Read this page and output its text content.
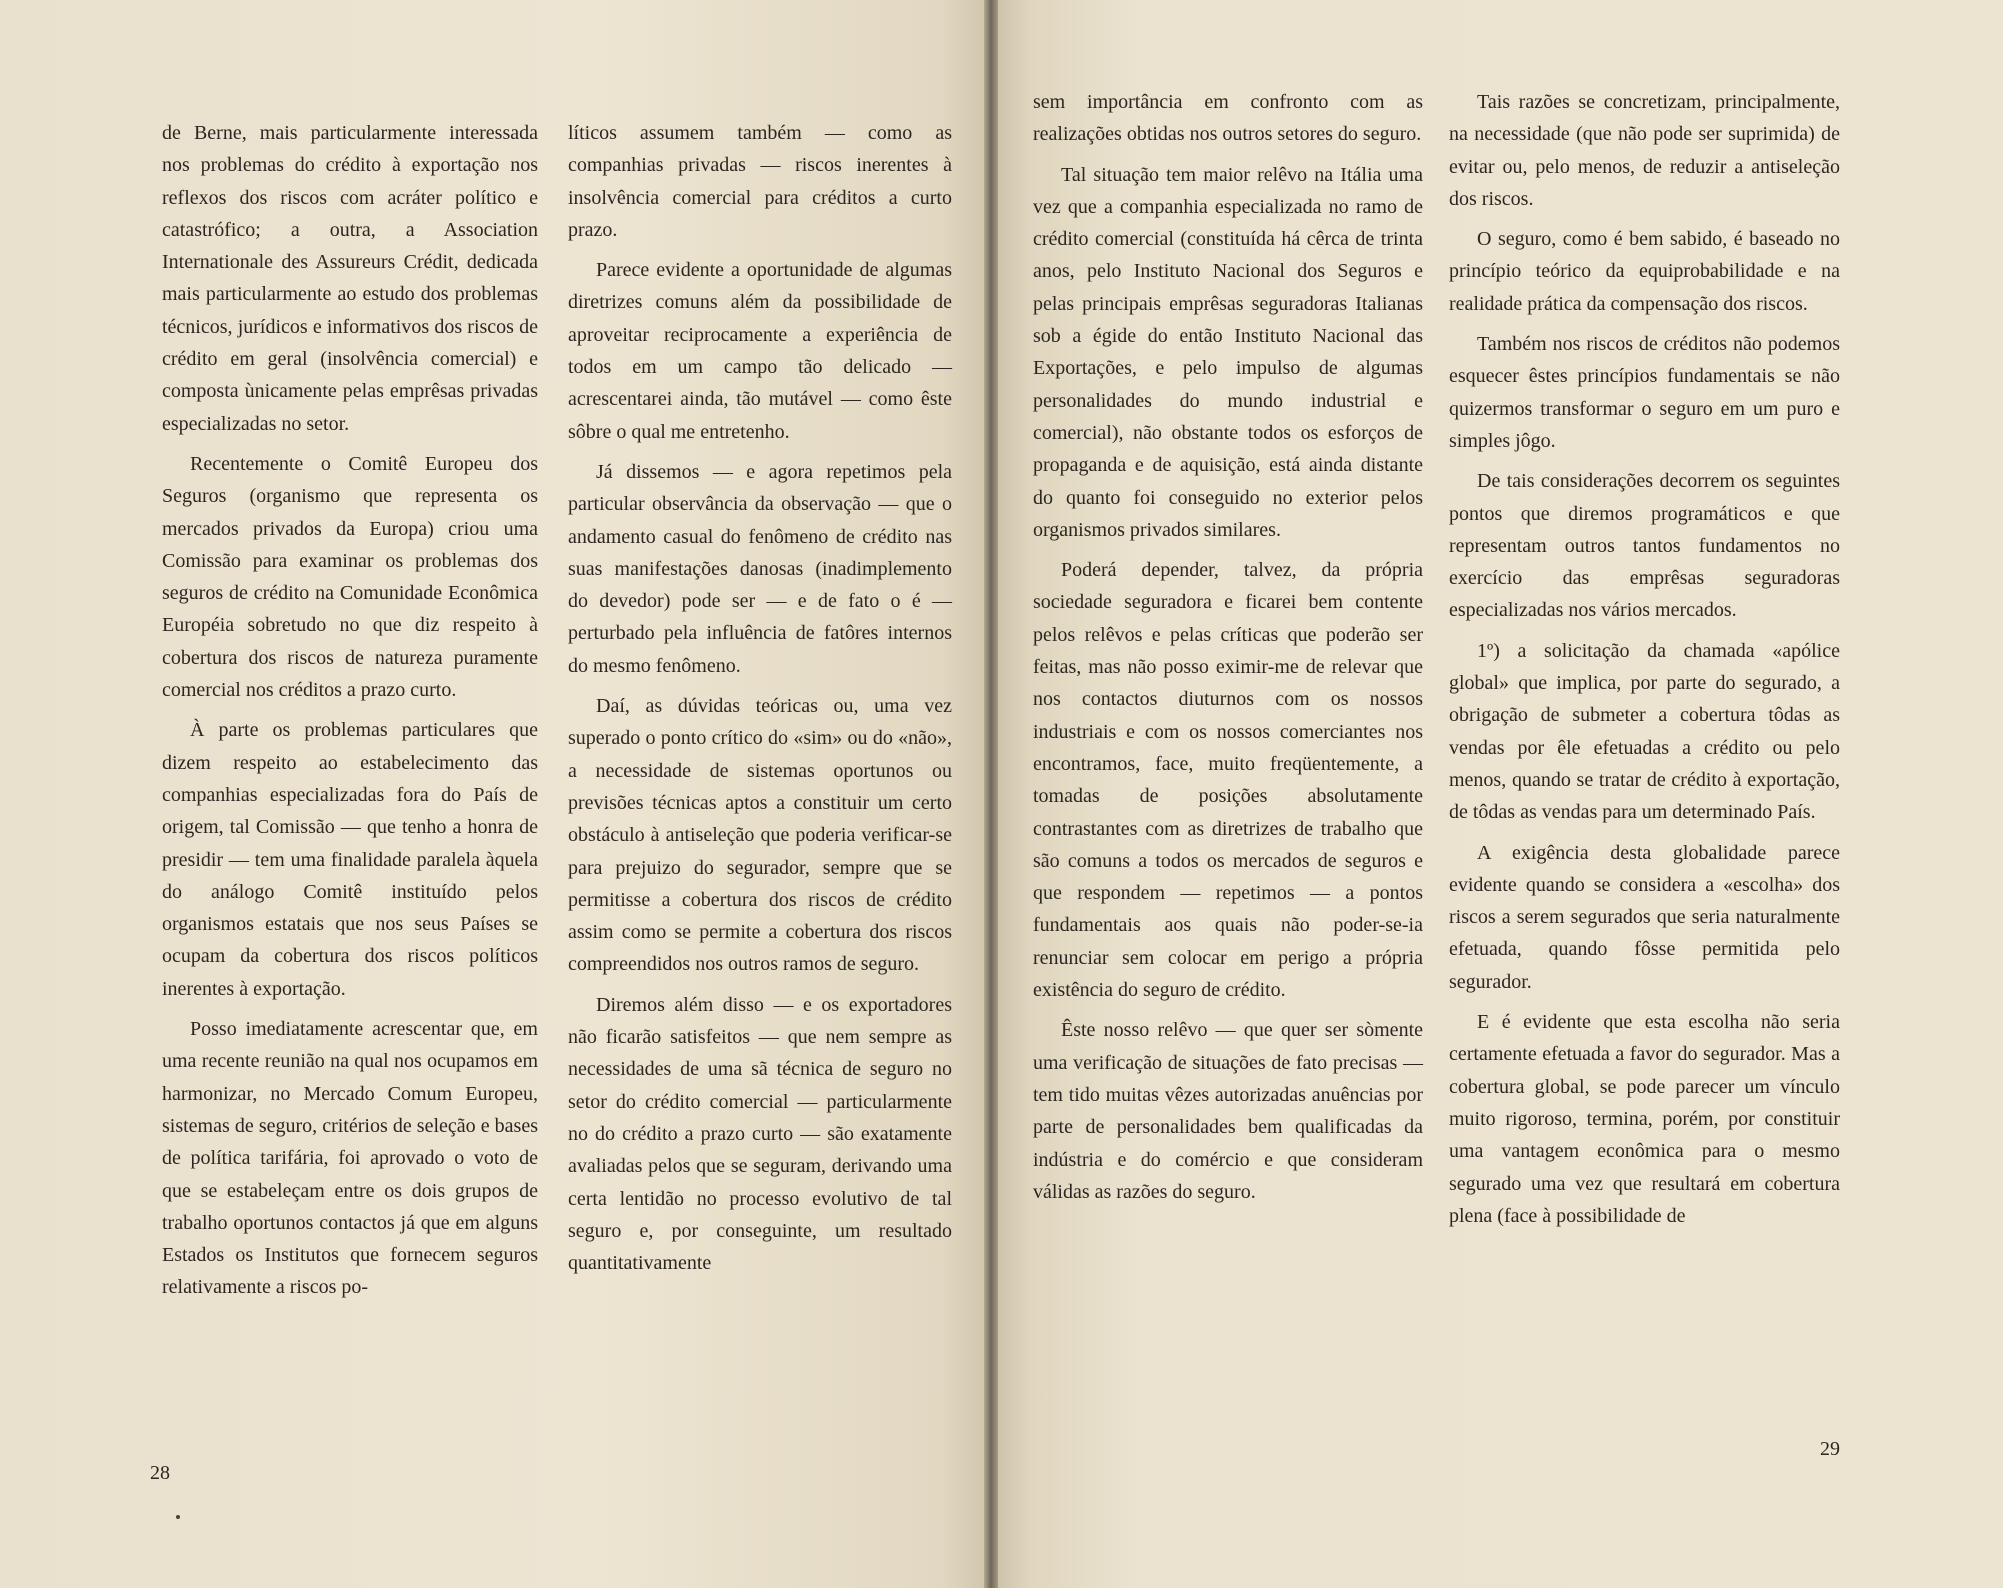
de Berne, mais particularmente interessada nos problemas do crédito à exportação nos reflexos dos riscos com acráter político e catastrófico; a outra, a Association Internationale des Assureurs Crédit, dedicada mais particularmente ao estudo dos problemas técnicos, jurídicos e informativos dos riscos de crédito em geral (insolvência comercial) e composta ùnicamente pelas emprêsas privadas especializadas no setor.

Recentemente o Comitê Europeu dos Seguros (organismo que representa os mercados privados da Europa) criou uma Comissão para examinar os problemas dos seguros de crédito na Comunidade Econômica Européia sobretudo no que diz respeito à cobertura dos riscos de natureza puramente comercial nos créditos a prazo curto.

À parte os problemas particulares que dizem respeito ao estabelecimento das companhias especializadas fora do País de origem, tal Comissão — que tenho a honra de presidir — tem uma finalidade paralela àquela do análogo Comitê instituído pelos organismos estatais que nos seus Países se ocupam da cobertura dos riscos políticos inerentes à exportação.

Posso imediatamente acrescentar que, em uma recente reunião na qual nos ocupamos em harmonizar, no Mercado Comum Europeu, sistemas de seguro, critérios de seleção e bases de política tarifária, foi aprovado o voto de que se estabeleçam entre os dois grupos de trabalho oportunos contactos já que em alguns Estados os Institutos que fornecem seguros relativamente a riscos po-

líticos assumem também — como as companhias privadas — riscos inerentes à insolvência comercial para créditos a curto prazo.

Parece evidente a oportunidade de algumas diretrizes comuns além da possibilidade de aproveitar reciprocamente a experiência de todos em um campo tão delicado — acrescentarei ainda, tão mutável — como êste sôbre o qual me entretenho.

Já dissemos — e agora repetimos pela particular observância da observação — que o andamento casual do fenômeno de crédito nas suas manifestações danosas (inadimplemento do devedor) pode ser — e de fato o é — perturbado pela influência de fatôres internos do mesmo fenômeno.

Daí, as dúvidas teóricas ou, uma vez superado o ponto crítico do «sim» ou do «não», a necessidade de sistemas oportunos ou previsões técnicas aptos a constituir um certo obstáculo à antiseleção que poderia verificar-se para prejuizo do segurador, sempre que se permitisse a cobertura dos riscos de crédito assim como se permite a cobertura dos riscos compreendidos nos outros ramos de seguro.

Diremos além disso — e os exportadores não ficarão satisfeitos — que nem sempre as necessidades de uma sã técnica de seguro no setor do crédito comercial — particularmente no do crédito a prazo curto — são exatamente avaliadas pelos que se seguram, derivando uma certa lentidão no processo evolutivo de tal seguro e, por conseguinte, um resultado quantitativamente

28

sem importância em confronto com as realizações obtidas nos outros setores do seguro.

Tal situação tem maior relêvo na Itália uma vez que a companhia especializada no ramo de crédito comercial (constituída há cêrca de trinta anos, pelo Instituto Nacional dos Seguros e pelas principais emprêsas seguradoras Italianas sob a égide do então Instituto Nacional das Exportações, e pelo impulso de algumas personalidades do mundo industrial e comercial), não obstante todos os esforços de propaganda e de aquisição, está ainda distante do quanto foi conseguido no exterior pelos organismos privados similares.

Poderá depender, talvez, da própria sociedade seguradora e ficarei bem contente pelos relêvos e pelas críticas que poderão ser feitas, mas não posso eximir-me de relevar que nos contactos diuturnos com os nossos industriais e com os nossos comerciantes nos encontramos, face, muito freqüentemente, a tomadas de posições absolutamente contrastantes com as diretrizes de trabalho que são comuns a todos os mercados de seguros e que respondem — repetimos — a pontos fundamentais aos quais não poder-se-ia renunciar sem colocar em perigo a própria existência do seguro de crédito.

Êste nosso relêvo — que quer ser sòmente uma verificação de situações de fato precisas — tem tido muitas vêzes autorizadas anuências por parte de personalidades bem qualificadas da indústria e do comércio e que consideram válidas as razões do seguro.

Tais razões se concretizam, principalmente, na necessidade (que não pode ser suprimida) de evitar ou, pelo menos, de reduzir a antiseleção dos riscos.

O seguro, como é bem sabido, é baseado no princípio teórico da equiprobabilidade e na realidade prática da compensação dos riscos.

Também nos riscos de créditos não podemos esquecer êstes princípios fundamentais se não quizermos transformar o seguro em um puro e simples jôgo.

De tais considerações decorrem os seguintes pontos que diremos programáticos e que representam outros tantos fundamentos no exercício das emprêsas seguradoras especializadas nos vários mercados.

1º) a solicitação da chamada «apólice global» que implica, por parte do segurado, a obrigação de submeter a cobertura tôdas as vendas por êle efetuadas a crédito ou pelo menos, quando se tratar de crédito à exportação, de tôdas as vendas para um determinado País.

A exigência desta globalidade parece evidente quando se considera a «escolha» dos riscos a serem segurados que seria naturalmente efetuada, quando fôsse permitida pelo segurador.

E é evidente que esta escolha não seria certamente efetuada a favor do segurador. Mas a cobertura global, se pode parecer um vínculo muito rigoroso, termina, porém, por constituir uma vantagem econômica para o mesmo segurado uma vez que resultará em cobertura plena (face à possibilidade de

29
